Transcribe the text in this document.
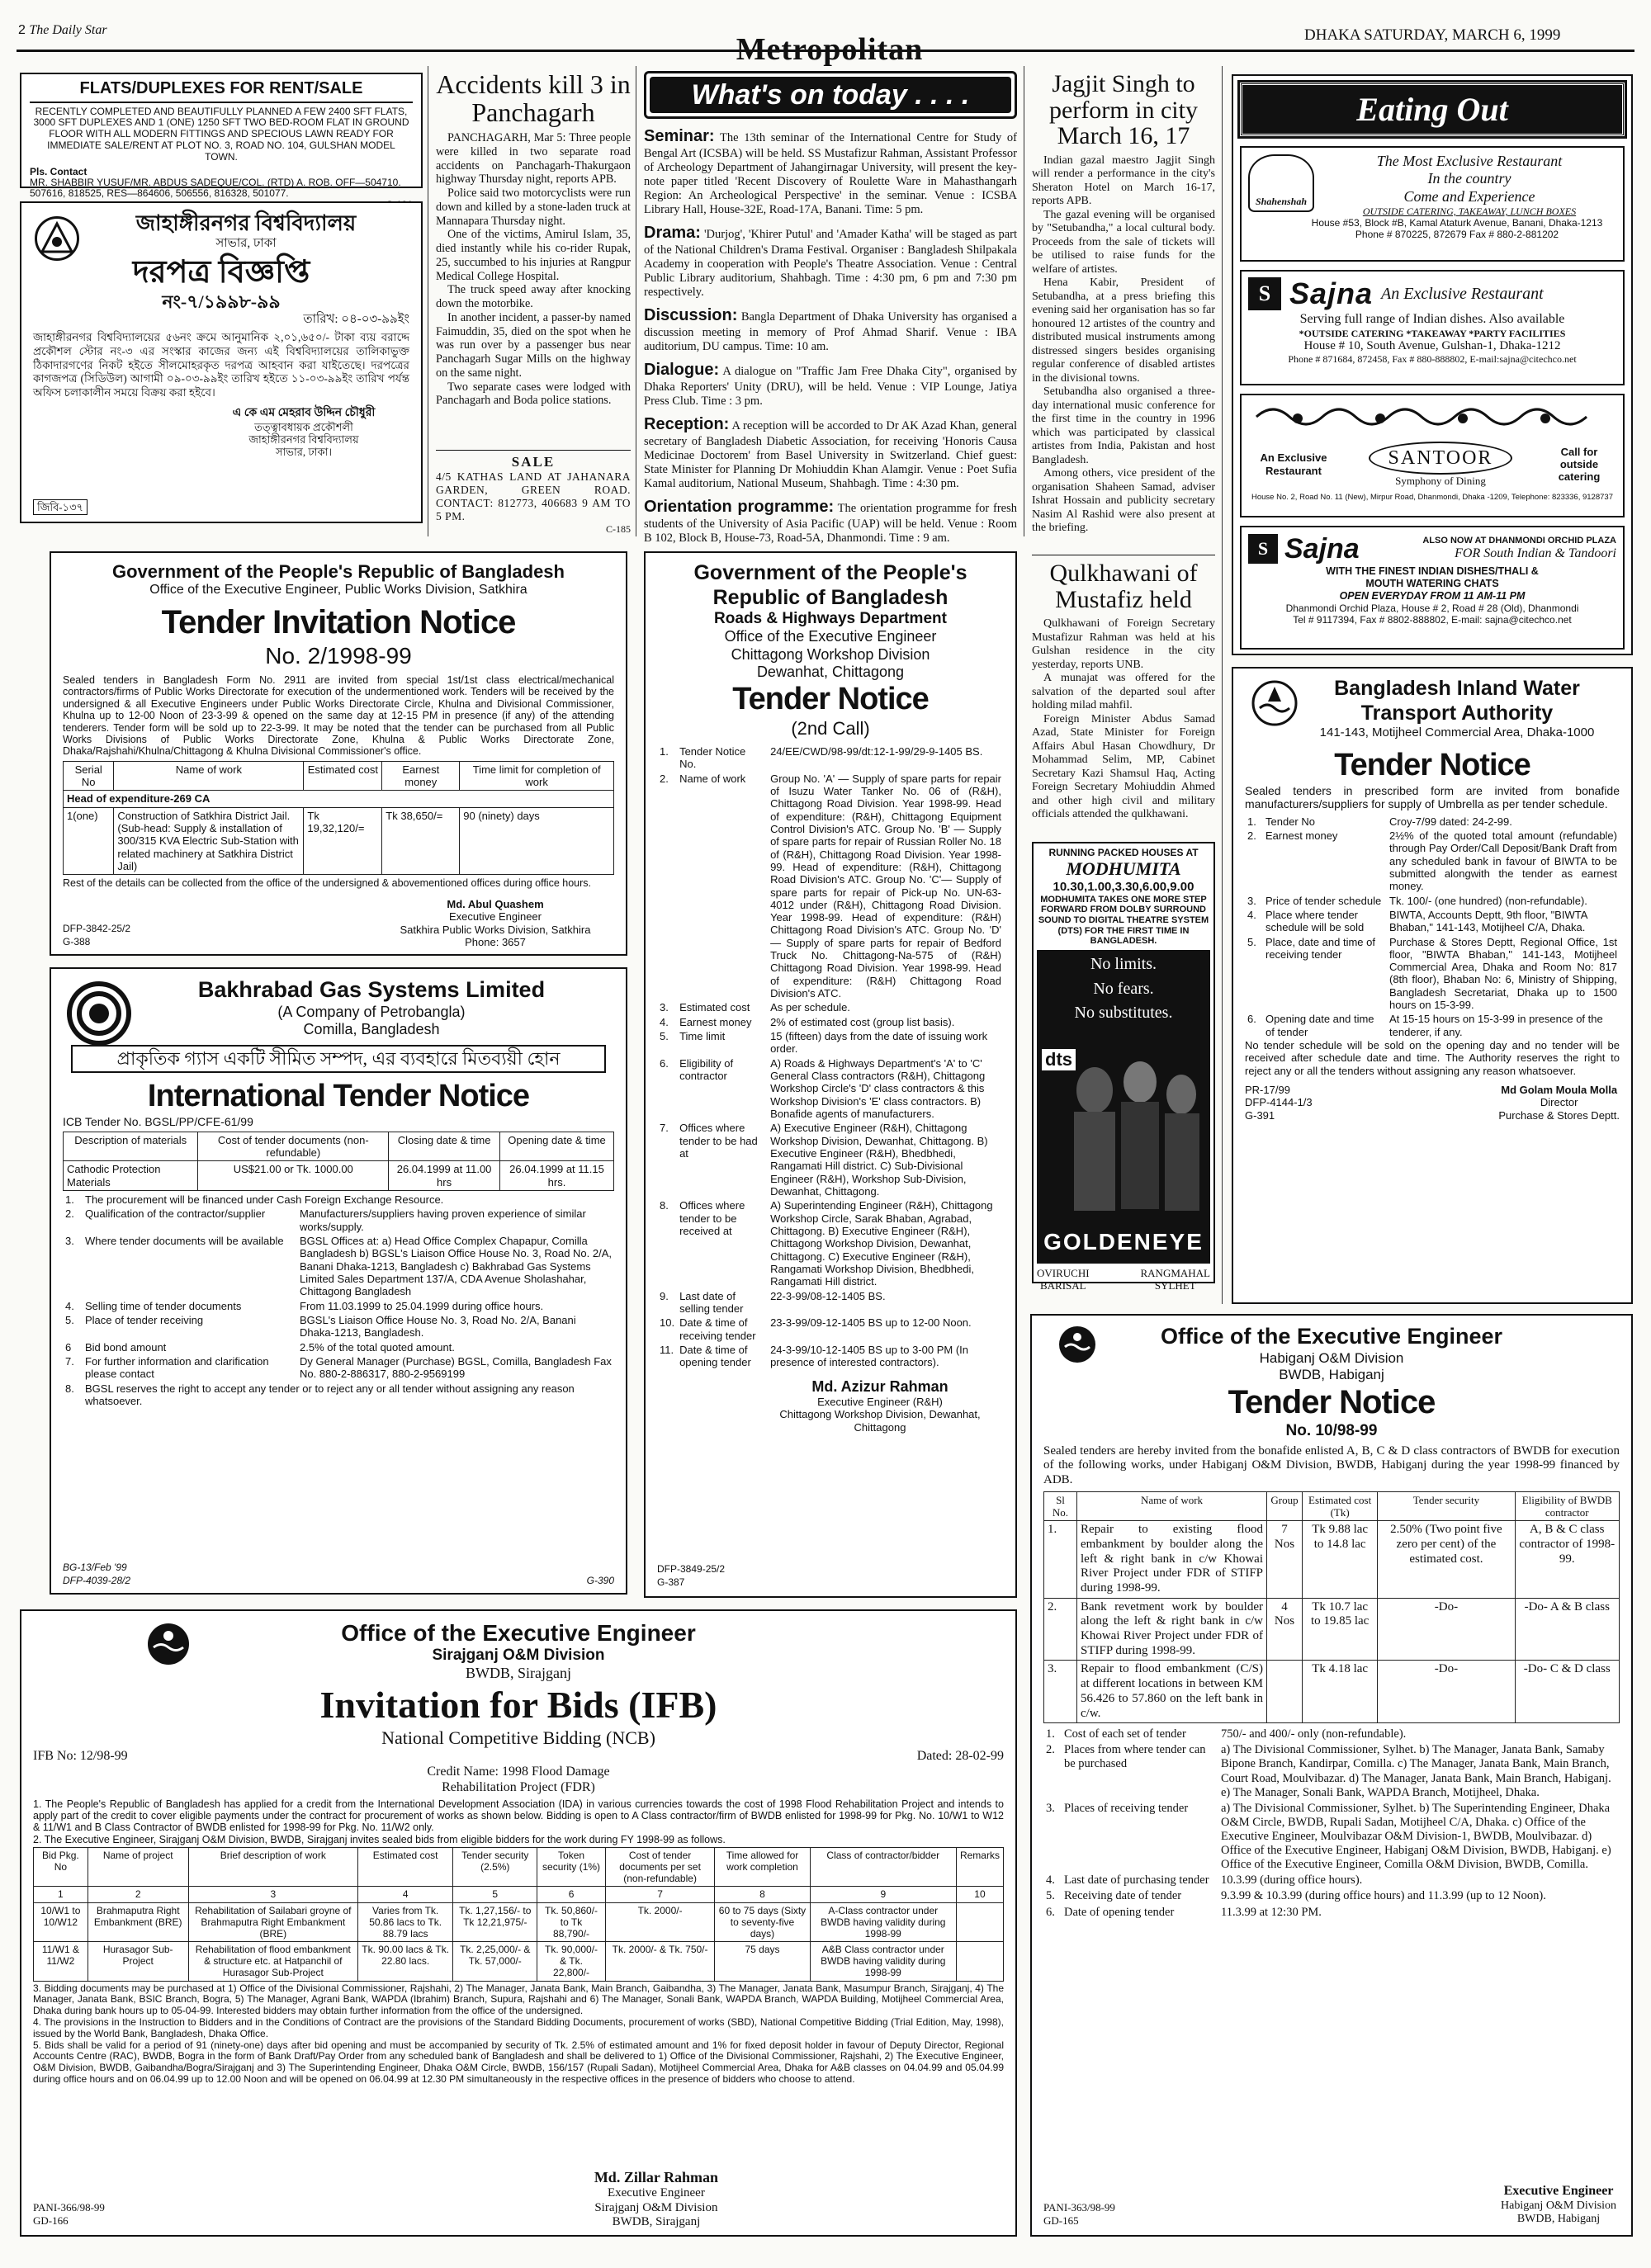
2 The Daily Star
Metropolitan	DHAKA SATURDAY, MARCH 6, 1999
FLATS/DUPLEXES FOR RENT/SALE
RECENTLY COMPLETED AND BEAUTIFULLY PLANNED A FEW 2400 SFT FLATS, 3000 SFT DUPLEXES AND 1 (ONE) 1250 SFT TWO BED-ROOM FLAT IN GROUND FLOOR WITH ALL MODERN FITTINGS AND SPECIOUS LAWN READY FOR IMMEDIATE SALE/RENT AT PLOT NO. 3, ROAD NO. 104, GULSHAN MODEL TOWN.
Pls. Contact
MR. SHABBIR YUSUF/MR. ABDUS SADEQUE/COL. (RTD) A. ROB. OFF—504710. 507616, 818525, RES—864606, 506556, 816328, 501077.
জাহাঙ্গীরনগর বিশ্ববিদ্যালয়
সাভার, ঢাকা
দরপত্র বিজ্ঞপ্তি
নং-৭/১৯৯৮-৯৯
তারিখ: ০৪-০৩-৯৯ইং
জাহাঙ্গীরনগর বিশ্ববিদ্যালয়ের ৫৬নং ক্রমে আনুমানিক ২,০১,৬৫০/- টাকা ব্যয় বরাদ্দে প্রকৌশল স্টোর নং-৩ এর সংস্কার কাজের জন্য এই বিশ্ববিদ্যালয়ের তালিকাভুক্ত ঠিকাদারগণের নিকট হইতে সীলমোহরকৃত দরপত্র আহবান করা যাইতেছে। দরপত্রের কাগজপত্র (সিডিউল) আগামী ০৯-০৩-৯৯ইং তারিখ হইতে ১১-০৩-৯৯ইং তারিখ পর্যন্ত অফিস চলাকালীন সময়ে বিক্রয় করা হইবে।
এ কে এম মেহরাব উদ্দিন চৌধুরী
তত্ত্বাবধায়ক প্রকৌশলী
জাহাঙ্গীরনগর বিশ্ববিদ্যালয়
সাভার, ঢাকা।
জিবি-১৩৭
Accidents kill 3 in Panchagarh
PANCHAGARH, Mar 5: Three people were killed in two separate road accidents on Panchagarh-Thakurgaon highway Thursday night, reports APB.
Police said two motorcyclists were run down and killed by a stone-laden truck at Mannapara Thursday night.
One of the victims, Amirul Islam, 35, died instantly while his co-rider Rupak, 25, succumbed to his injuries at Rangpur Medical College Hospital.
The truck speed away after knocking down the motorbike.
In another incident, a passer-by named Faimuddin, 35, died on the spot when he was run over by a passenger bus near Panchagarh Sugar Mills on the highway on the same night.
Two separate cases were lodged with Panchagarh and Boda police stations.
SALE
4/5 KATHAS LAND AT JAHANARA GARDEN, GREEN ROAD. CONTACT: 812773, 406683 9 AM TO 5 PM.
C-185
What's on today . . . .
Seminar: The 13th seminar of the International Centre for Study of Bengal Art (ICSBA) will be held. SS Mustafizur Rahman, Assistant Professor of Archeology Department of Jahangirnagar University, will present the key-note paper titled 'Recent Discovery of Roulette Ware in Mahasthangarh Region: An Archeological Perspective' in the seminar. Venue : ICSBA Library Hall, House-32E, Road-17A, Banani. Time: 5 pm.
Drama: 'Durjog', 'Khirer Putul' and 'Amader Katha' will be staged as part of the National Children's Drama Festival. Organiser : Bangladesh Shilpakala Academy in cooperation with People's Theatre Association. Venue : Central Public Library auditorium, Shahbagh. Time : 4:30 pm, 6 pm and 7:30 pm respectively.
Discussion: Bangla Department of Dhaka University has organised a discussion meeting in memory of Prof Ahmad Sharif. Venue : IBA auditorium, DU campus. Time: 10 am.
Dialogue: A dialogue on "Traffic Jam Free Dhaka City", organised by Dhaka Reporters' Unity (DRU), will be held. Venue : VIP Lounge, Jatiya Press Club. Time : 3 pm.
Reception: A reception will be accorded to Dr AK Azad Khan, general secretary of Bangladesh Diabetic Association, for receiving 'Honoris Causa Medicinae Doctorem' from Basel University in Switzerland. Chief guest: State Minister for Planning Dr Mohiuddin Khan Alamgir. Venue : Poet Sufia Kamal auditorium, National Museum, Shahbagh. Time : 4:30 pm.
Orientation programme: The orientation programme for fresh students of the University of Asia Pacific (UAP) will be held. Venue : Room B 102, Block B, House-73, Road-5A, Dhanmondi. Time : 9 am.
Jagjit Singh to perform in city March 16, 17
Indian gazal maestro Jagjit Singh will render a performance in the city's Sheraton Hotel on March 16-17, reports APB.
The gazal evening will be organised by "Setubandha," a local cultural body. Proceeds from the sale of tickets will be utilised to raise funds for the welfare of artistes.
Hena Kabir, President of Setubandha, at a press briefing this evening said her organisation has so far honoured 12 artistes of the country and distributed musical instruments among distressed singers besides organising regular conference of disabled artistes in the divisional towns.
Setubandha also organised a three-day international music conference for the first time in the country in 1996 which was participated by classical artistes from India, Pakistan and host Bangladesh.
Among others, vice president of the organisation Shaheen Samad, adviser Ishrat Hossain and publicity secretary Nasim Al Rashid were also present at the briefing.
Qulkhawani of Mustafiz held
Qulkhawani of Foreign Secretary Mustafizur Rahman was held at his Gulshan residence in the city yesterday, reports UNB.
A munajat was offered for the salvation of the departed soul after holding milad mahfil.
Foreign Minister Abdus Samad Azad, State Minister for Foreign Affairs Abul Hasan Chowdhury, Dr Mohammad Selim, MP, Cabinet Secretary Kazi Shamsul Haq, Acting Foreign Secretary Mohiuddin Ahmed and other high civil and military officials attended the qulkhawani.
RUNNING PACKED HOUSES AT
MODHUMITA
10.30,1.00,3.30,6.00,9.00
MODHUMITA TAKES ONE MORE STEP FORWARD FROM DOLBY SURROUND SOUND TO DIGITAL THEATRE SYSTEM (DTS) FOR THE FIRST TIME IN BANGLADESH.
No limits.
No fears.
No substitutes.
dts
GOLDENEYE
OVIRUCHI
BARISAL
RANGMAHAL
SYLHET
Eating Out
Shahenshah
The Most Exclusive Restaurant
In the country
Come and Experience
OUTSIDE CATERING, TAKEAWAY, LUNCH BOXES
House #53, Block #B, Kamal Ataturk Avenue, Banani, Dhaka-1213
Phone # 870225, 872679 Fax # 880-2-881202
S Sajna An Exclusive Restaurant
Serving full range of Indian dishes. Also available
*OUTSIDE CATERING *TAKEAWAY *PARTY FACILITIES
House # 10, South Avenue, Gulshan-1, Dhaka-1212
Phone # 871684, 872458, Fax # 880-888802, E-mail:sajna@citechco.net
An Exclusive Restaurant
SANTOOR
Symphony of Dining
Call for outside catering
House No. 2, Road No. 11 (New), Mirpur Road, Dhanmondi, Dhaka -1209, Telephone: 823336, 9128737
S Sajna	ALSO NOW AT DHANMONDI ORCHID PLAZA
FOR South Indian & Tandoori
WITH THE FINEST INDIAN DISHES/THALI &
MOUTH WATERING CHATS
OPEN EVERYDAY FROM 11 AM-11 PM
Dhanmondi Orchid Plaza, House # 2, Road # 28 (Old), Dhanmondi
Tel # 9117394, Fax # 8802-888802, E-mail: sajna@citechco.net
Government of the People's Republic of Bangladesh
Office of the Executive Engineer, Public Works Division, Satkhira
Tender Invitation Notice
No. 2/1998-99
Sealed tenders in Bangladesh Form No. 2911 are invited from special 1st/1st class electrical/mechanical contractors/firms of Public Works Directorate for execution of the undermentioned work. Tenders will be received by the undersigned & all Executive Engineers under Public Works Directorate Circle, Khulna and Divisional Commissioner, Khulna up to 12-00 Noon of 23-3-99 & opened on the same day at 12-15 PM in presence (if any) of the attending tenderers. Tender form will be sold up to 22-3-99. It may be noted that the tender can be purchased from all Public Works Divisions of Public Works Directorate Zone, Khulna & Public Works Directorate Zone, Dhaka/Rajshahi/Khulna/Chittagong & Khulna Divisional Commissioner's office.
Serial No	Name of work	Estimated cost	Earnest money	Time limit for completion of work
Head of expenditure-269 CA				
1(one)	Construction of Satkhira District Jail. (Sub-head: Supply & installation of 300/315 KVA Electric Sub-Station with related machinery at Satkhira District Jail)	Tk 19,32,120/=	Tk 38,650/=	90 (ninety) days
Rest of the details can be collected from the office of the undersigned & abovementioned offices during office hours.
Md. Abul Quashem
Executive Engineer
Satkhira Public Works Division, Satkhira
Phone: 3657
DFP-3842-25/2
G-388
Bakhrabad Gas Systems Limited
(A Company of Petrobangla)
Comilla, Bangladesh
প্রাকৃতিক গ্যাস একটি সীমিত সম্পদ, এর ব্যবহারে মিতব্যয়ী হোন
International Tender Notice
ICB Tender No. BGSL/PP/CFE-61/99
Description of materials	Cost of tender documents (non-refundable)	Closing date & time	Opening date & time
Cathodic Protection Materials	US$21.00 or Tk. 1000.00	26.04.1999 at 11.00 hrs	26.04.1999 at 11.15 hrs.
1.	The procurement will be financed under Cash Foreign Exchange Resource.	
2.	Qualification of the contractor/supplier	Manufacturers/suppliers having proven experience of similar works/supply.
3.	Where tender documents will be available	BGSL Offices at: a) Head Office Complex Chapapur, Comilla Bangladesh b) BGSL's Liaison Office House No. 3, Road No. 2/A, Banani Dhaka-1213, Bangladesh c) Bakhrabad Gas Systems Limited Sales Department 137/A, CDA Avenue Sholashahar, Chittagong Bangladesh
4.	Selling time of tender documents	From 11.03.1999 to 25.04.1999 during office hours.
5.	Place of tender receiving	BGSL's Liaison Office House No. 3, Road No. 2/A, Banani Dhaka-1213, Bangladesh.
6	Bid bond amount	2.5% of the total quoted amount.
7.	For further information and clarification please contact	Dy General Manager (Purchase) BGSL, Comilla, Bangladesh Fax No. 880-2-886317, 880-2-9569199
8.	BGSL reserves the right to accept any tender or to reject any or all tender without assigning any reason whatsoever.	
BG-13/Feb '99
DFP-4039-28/2	G-390
Government of the People's
Republic of Bangladesh
Roads & Highways Department
Office of the Executive Engineer
Chittagong Workshop Division
Dewanhat, Chittagong
Tender Notice
(2nd Call)
1.	Tender Notice No.	24/EE/CWD/98-99/dt:12-1-99/29-9-1405 BS.
2.	Name of work	Group No. 'A' — Supply of spare parts for repair of Isuzu Water Tanker No. 06 of (R&H), Chittagong Road Division. Year 1998-99. Head of expenditure: (R&H), Chittagong Equipment Control Division's ATC. Group No. 'B' — Supply of spare parts for repair of Russian Roller No. 18 of (R&H), Chittagong Road Division. Year 1998-99. Head of expenditure: (R&H), Chittagong Road Division's ATC. Group No. 'C'— Supply of spare parts for repair of Pick-up No. UN-63-4012 under (R&H), Chittagong Road Division. Year 1998-99. Head of expenditure: (R&H) Chittagong Road Division's ATC. Group No. 'D' — Supply of spare parts for repair of Bedford Truck No. Chittagong-Na-575 of (R&H) Chittagong Road Division. Year 1998-99. Head of expenditure: (R&H) Chittagong Road Division's ATC.
3.	Estimated cost	As per schedule.
4.	Earnest money	2% of estimated cost (group list basis).
5.	Time limit	15 (fifteen) days from the date of issuing work order.
6.	Eligibility of contractor	A) Roads & Highways Department's 'A' to 'C' General Class contractors (R&H), Chittagong Workshop Circle's 'D' class contractors & this Workshop Division's 'E' class contractors. B) Bonafide agents of manufacturers.
7.	Offices where tender to be had at	A) Executive Engineer (R&H), Chittagong Workshop Division, Dewanhat, Chittagong. B) Executive Engineer (R&H), Bhedbhedi, Rangamati Hill district. C) Sub-Divisional Engineer (R&H), Workshop Sub-Division, Dewanhat, Chittagong.
8.	Offices where tender to be received at	A) Superintending Engineer (R&H), Chittagong Workshop Circle, Sarak Bhaban, Agrabad, Chittagong. B) Executive Engineer (R&H), Chittagong Workshop Division, Dewanhat, Chittagong. C) Executive Engineer (R&H), Rangamati Workshop Division, Bhedbhedi, Rangamati Hill district.
9.	Last date of selling tender	22-3-99/08-12-1405 BS.
10.	Date & time of receiving tender	23-3-99/09-12-1405 BS up to 12-00 Noon.
11.	Date & time of opening tender	24-3-99/10-12-1405 BS up to 3-00 PM (In presence of interested contractors).
Md. Azizur Rahman
Executive Engineer (R&H)
Chittagong Workshop Division, Dewanhat, Chittagong
DFP-3849-25/2
G-387
Bangladesh Inland Water
Transport Authority
141-143, Motijheel Commercial Area, Dhaka-1000
Tender Notice
Sealed tenders in prescribed form are invited from bonafide manufacturers/suppliers for supply of Umbrella as per tender schedule.
1.	Tender No	Croy-7/99 dated: 24-2-99.
2.	Earnest money	2½% of the quoted total amount (refundable) through Pay Order/Call Deposit/Bank Draft from any scheduled bank in favour of BIWTA to be submitted alongwith the tender as earnest money.
3.	Price of tender schedule	Tk. 100/- (one hundred) (non-refundable).
4.	Place where tender schedule will be sold	BIWTA, Accounts Deptt, 9th floor, "BIWTA Bhaban," 141-143, Motijheel C/A, Dhaka.
5.	Place, date and time of receiving tender	Purchase & Stores Deptt, Regional Office, 1st floor, "BIWTA Bhaban," 141-143, Motijheel Commercial Area, Dhaka and Room No: 817 (8th floor), Bhaban No: 6, Ministry of Shipping, Bangladesh Secretariat, Dhaka up to 1500 hours on 15-3-99.
6.	Opening date and time of tender	At 15-15 hours on 15-3-99 in presence of the tenderer, if any.
No tender schedule will be sold on the opening day and no tender will be received after schedule date and time. The Authority reserves the right to reject any or all the tenders without assigning any reason whatsoever.
PR-17/99
DFP-4144-1/3
G-391
Md Golam Moula Molla
Director
Purchase & Stores Deptt.
Office of the Executive Engineer
Habiganj O&M Division
BWDB, Habiganj
Tender Notice
No. 10/98-99
Sealed tenders are hereby invited from the bonafide enlisted A, B, C & D class contractors of BWDB for execution of the following works, under Habiganj O&M Division, BWDB, Habiganj during the year 1998-99 financed by ADB.
Sl No.	Name of work	Group	Estimated cost (Tk)	Tender security	Eligibility of BWDB contractor
1.	Repair to existing flood embankment by boulder along the left & right bank in c/w Khowai River Project under FDR of STIFP during 1998-99.	7 Nos	Tk 9.88 lac to 14.8 lac	2.50% (Two point five zero per cent) of the estimated cost.	A, B & C class contractor of 1998-99.
2.	Bank revetment work by boulder along the left & right bank in c/w Khowai River Project under FDR of STIFP during 1998-99.	4 Nos	Tk 10.7 lac to 19.85 lac	-Do-	-Do- A & B class
3.	Repair to flood embankment (C/S) at different locations in between KM 56.426 to 57.860 on the left bank in c/w.		Tk 4.18 lac	-Do-	-Do- C & D class
1.	Cost of each set of tender	750/- and 400/- only (non-refundable).
2.	Places from where tender can be purchased	a) The Divisional Commissioner, Sylhet. b) The Manager, Janata Bank, Samaby Bipone Branch, Kandirpar, Comilla. c) The Manager, Janata Bank, Main Branch, Court Road, Moulvibazar. d) The Manager, Janata Bank, Main Branch, Habiganj. e) The Manager, Sonali Bank, WAPDA Branch, Motijheel, Dhaka.
3.	Places of receiving tender	a) The Divisional Commissioner, Sylhet. b) The Superintending Engineer, Dhaka O&M Circle, BWDB, Rupali Sadan, Motijheel C/A, Dhaka. c) Office of the Executive Engineer, Moulvibazar O&M Division-1, BWDB, Moulvibazar. d) Office of the Executive Engineer, Habiganj O&M Division, BWDB, Habiganj. e) Office of the Executive Engineer, Comilla O&M Division, BWDB, Comilla.
4.	Last date of purchasing tender	10.3.99 (during office hours).
5.	Receiving date of tender	9.3.99 & 10.3.99 (during office hours) and 11.3.99 (up to 12 Noon).
6.	Date of opening tender	11.3.99 at 12:30 PM.
PANI-363/98-99
GD-165
Executive Engineer
Habiganj O&M Division
BWDB, Habiganj
Office of the Executive Engineer
Sirajganj O&M Division
BWDB, Sirajganj
Invitation for Bids (IFB)
National Competitive Bidding (NCB)
IFB No: 12/98-99	Dated: 28-02-99
Credit Name: 1998 Flood Damage
Rehabilitation Project (FDR)
1. The People's Republic of Bangladesh has applied for a credit from the International Development Association (IDA) in various currencies towards the cost of 1998 Flood Rehabilitation Project and intends to apply part of the credit to cover eligible payments under the contract for procurement of works as shown below. Bidding is open to A Class contractor/firm of BWDB enlisted for 1998-99 for Pkg. No. 10/W1 to W12 & 11/W1 and B Class Contractor of BWDB enlisted for 1998-99 for Pkg. No. 11/W2 only.
2. The Executive Engineer, Sirajganj O&M Division, BWDB, Sirajganj invites sealed bids from eligible bidders for the work during FY 1998-99 as follows.
Bid Pkg. No	Name of project	Brief description of work	Estimated cost	Tender security (2.5%)	Token security (1%)	Cost of tender documents per set (non-refundable)	Time allowed for work completion	Class of contractor/bidder	Remarks
1	2	3	4	5	6	7	8	9	10
10/W1 to 10/W12	Brahmaputra Right Embankment (BRE)	Rehabilitation of Sailabari groyne of Brahmaputra Right Embankment (BRE)	Varies from Tk. 50.86 lacs to Tk. 88.79 lacs	Tk. 1,27,156/- to Tk 12,21,975/-	Tk. 50,860/- to Tk 88,790/-	Tk. 2000/-	60 to 75 days (Sixty to seventy-five days)	A-Class contractor under BWDB having validity during 1998-99	
11/W1 & 11/W2	Hurasagor Sub-Project	Rehabilitation of flood embankment & structure etc. at Hatpanchil of Hurasagor Sub-Project	Tk. 90.00 lacs & Tk. 22.80 lacs.	Tk. 2,25,000/- & Tk. 57,000/-	Tk. 90,000/- & Tk. 22,800/-	Tk. 2000/- & Tk. 750/-	75 days	A&B Class contractor under BWDB having validity during 1998-99	
3. Bidding documents may be purchased at 1) Office of the Divisional Commissioner, Rajshahi, 2) The Manager, Janata Bank, Main Branch, Gaibandha, 3) The Manager, Janata Bank, Masumpur Branch, Sirajganj, 4) The Manager, Janata Bank, BSIC Branch, Bogra, 5) The Manager, Agrani Bank, WAPDA (Ibrahim) Branch, Supura, Rajshahi and 6) The Manager, Sonali Bank, WAPDA Branch, WAPDA Building, Motijheel Commercial Area, Dhaka during bank hours up to 05-04-99. Interested bidders may obtain further information from the office of the undersigned.
4. The provisions in the Instruction to Bidders and in the Conditions of Contract are the provisions of the Standard Bidding Documents, procurement of works (SBD), National Competitive Bidding (Trial Edition, May, 1998), issued by the World Bank, Bangladesh, Dhaka Office.
5. Bids shall be valid for a period of 91 (ninety-one) days after bid opening and must be accompanied by security of Tk. 2.5% of estimated amount and 1% for fixed deposit holder in favour of Deputy Director, Regional Accounts Centre (RAC), BWDB, Bogra in the form of Bank Draft/Pay Order from any scheduled bank of Bangladesh and shall be delivered to 1) Office of the Divisional Commissioner, Rajshahi, 2) The Executive Engineer, O&M Division, BWDB, Gaibandha/Bogra/Sirajganj and 3) The Superintending Engineer, Dhaka O&M Circle, BWDB, 156/157 (Rupali Sadan), Motijheel Commercial Area, Dhaka for A&B classes on 04.04.99 and 05.04.99 during office hours and on 06.04.99 up to 12.00 Noon and will be opened on 06.04.99 at 12.30 PM simultaneously in the respective offices in the presence of bidders who choose to attend.
Md. Zillar Rahman
Executive Engineer
Sirajganj O&M Division
BWDB, Sirajganj
PANI-366/98-99
GD-166
